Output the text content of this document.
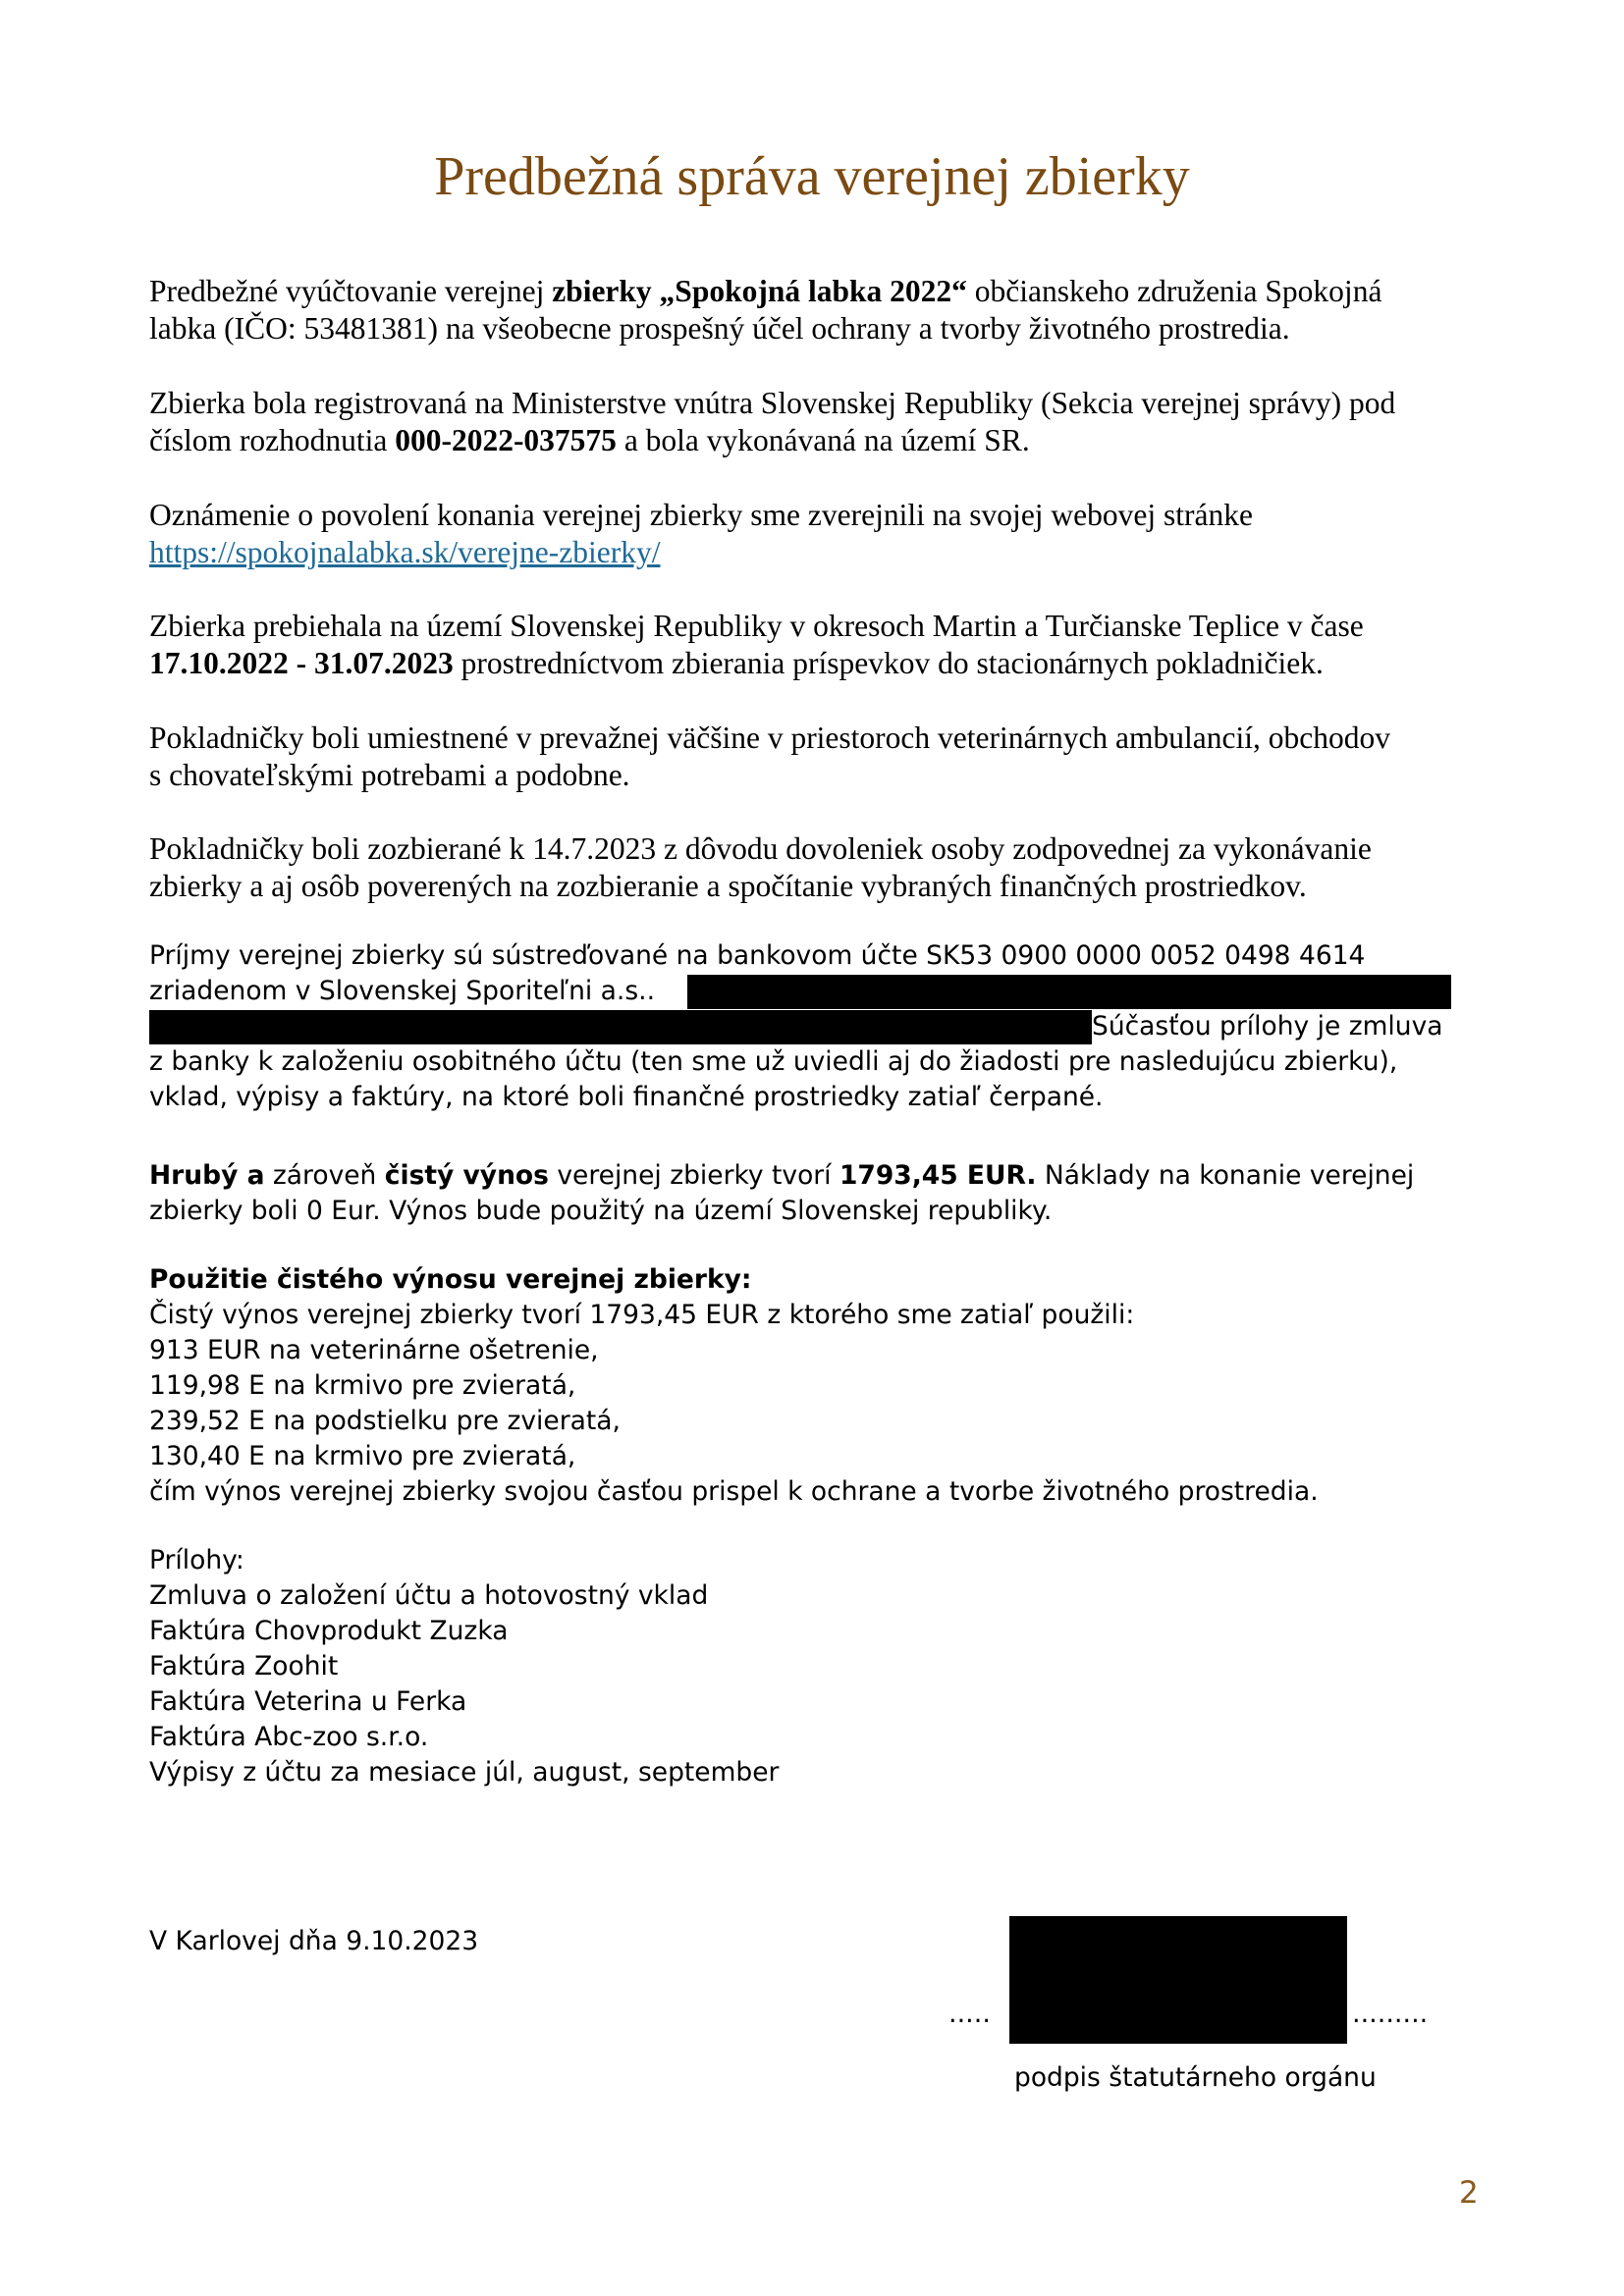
Predbežná správa verejnej zbierky

Predbežné vyúčtovanie verejnej zbierky „Spokojná labka 2022“ občianskeho združenia Spokojná
labka (IČO: 53481381) na všeobecne prospešný účel ochrany a tvorby životného prostredia.

Zbierka bola registrovaná na Ministerstve vnútra Slovenskej Republiky (Sekcia verejnej správy) pod
číslom rozhodnutia 000-2022-037575 a bola vykonávaná na území SR.

Oznámenie o povolení konania verejnej zbierky sme zverejnili na svojej webovej stránke
https://spokojnalabka.sk/verejne-zbierky/

Zbierka prebiehala na území Slovenskej Republiky v okresoch Martin a Turčianske Teplice v čase
17.10.2022 - 31.07.2023 prostredníctvom zbierania príspevkov do stacionárnych pokladničiek.

Pokladničky boli umiestnené v prevažnej väčšine v priestoroch veterinárnych ambulancií, obchodov
s chovateľskými potrebami a podobne.

Pokladničky boli zozbierané k 14.7.2023 z dôvodu dovoleniek osoby zodpovednej za vykonávanie
zbierky a aj osôb poverených na zozbieranie a spočítanie vybraných finančných prostriedkov.

Príjmy verejnej zbierky sú sústreďované na bankovom účte SK53 0900 0000 0052 0498 4614
zriadenom v Slovenskej Sporiteľni a.s..
Súčasťou prílohy je zmluva
z banky k založeniu osobitného účtu (ten sme už uviedli aj do žiadosti pre nasledujúcu zbierku),
vklad, výpisy a faktúry, na ktoré boli finančné prostriedky zatiaľ čerpané.

Hrubý a zároveň čistý výnos verejnej zbierky tvorí 1793,45 EUR. Náklady na konanie verejnej
zbierky boli 0 Eur. Výnos bude použitý na území Slovenskej republiky.

Použitie čistého výnosu verejnej zbierky:
Čistý výnos verejnej zbierky tvorí 1793,45 EUR z ktorého sme zatiaľ použili:
913 EUR na veterinárne ošetrenie,
119,98 E na krmivo pre zvieratá,
239,52 E na podstielku pre zvieratá,
130,40 E na krmivo pre zvieratá,
čím výnos verejnej zbierky svojou časťou prispel k ochrane a tvorbe životného prostredia.
Prílohy:
Zmluva o založení účtu a hotovostný vklad
Faktúra Chovprodukt Zuzka
Faktúra Zoohit
Faktúra Veterina u Ferka
Faktúra Abc-zoo s.r.o.
Výpisy z účtu za mesiace júl, august, september
V Karlovej dňa 9.10.2023
.....	.........
podpis štatutárneho orgánu
2
